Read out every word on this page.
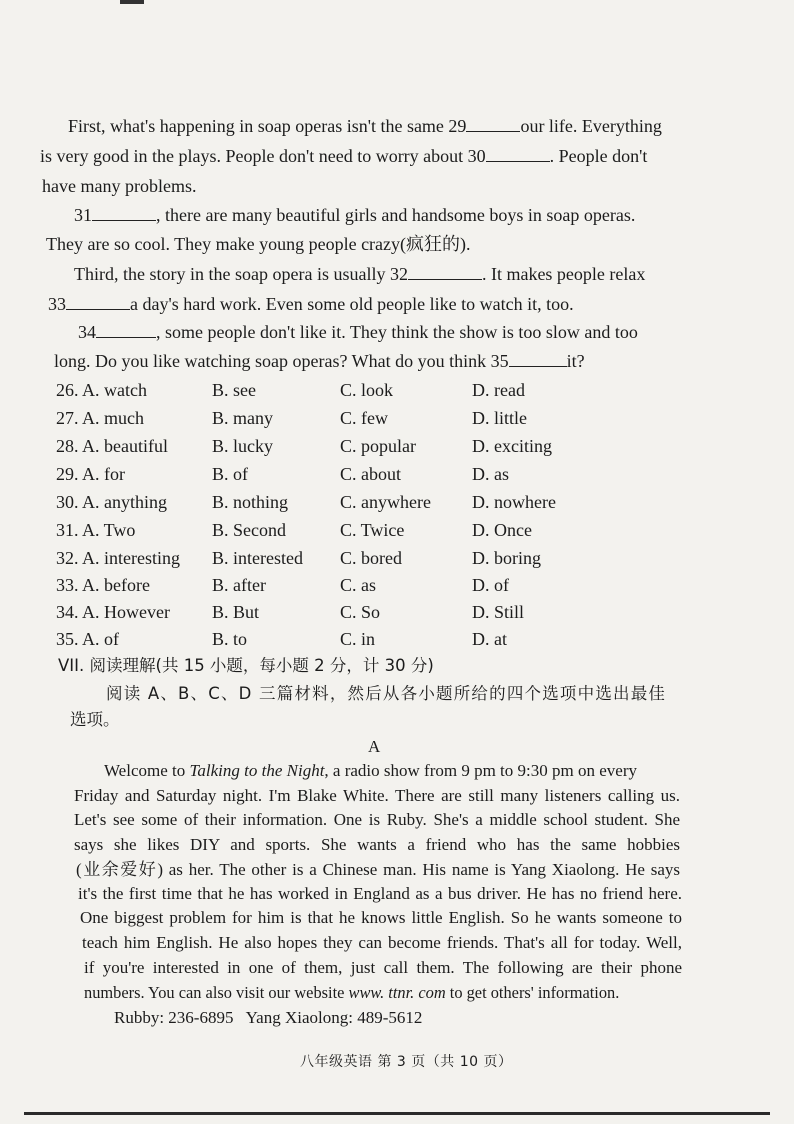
First, what's happening in soap operas isn't the same 29	our life. Everything
is very good in the plays. People don't need to worry about 30	. People don't
have many problems.
31	, there are many beautiful girls and handsome boys in soap operas.
They are so cool. They make young people crazy(疯狂的).
Third, the story in the soap opera is usually 32	. It makes people relax
33	a day's hard work. Even some old people like to watch it, too.
34	, some people don't like it. They think the show is too slow and too
long. Do you like watching soap operas? What do you think 35	it?
26. A. watch	B. see	C. look	D. read
27. A. much	B. many	C. few	D. little
28. A. beautiful B. lucky	C. popular	D. exciting
29. A. for	B. of	C. about	D. as
30. A. anything	B. nothing	C. anywhere D. nowhere
31. A. Two	B. Second	C. Twice	D. Once
32. A. interesting B. interested C. bored	D. boring
33. A. before	B. after	C. as	D. of
34. A. However B. But	C. So	D. Still
35. A. of	B. to	C. in	D. at
VII. 阅读理解(共 15 小题，每小题 2 分，计 30 分)
阅读 A、B、C、D 三篇材料，然后从各小题所给的四个选项中选出最佳
选项。
A
Welcome to Talking to the Night, a radio show from 9 pm to 9:30 pm on every
Friday and Saturday night. I'm Blake White. There are still many listeners calling us.
Let's see some of their information. One is Ruby. She's a middle school student. She
says she likes DIY and sports. She wants a friend who has the same hobbies
(业余爱好) as her. The other is a Chinese man. His name is Yang Xiaolong. He says
it's the first time that he has worked in England as a bus driver. He has no friend here.
One biggest problem for him is that he knows little English. So he wants someone to
teach him English. He also hopes they can become friends. That's all for today. Well,
if you're interested in one of them, just call them. The following are their phone
numbers. You can also visit our website www. ttnr. com to get others' information.
Rubby: 236-6895   Yang Xiaolong: 489-5612
八年级英语 第 3 页（共 10 页）
